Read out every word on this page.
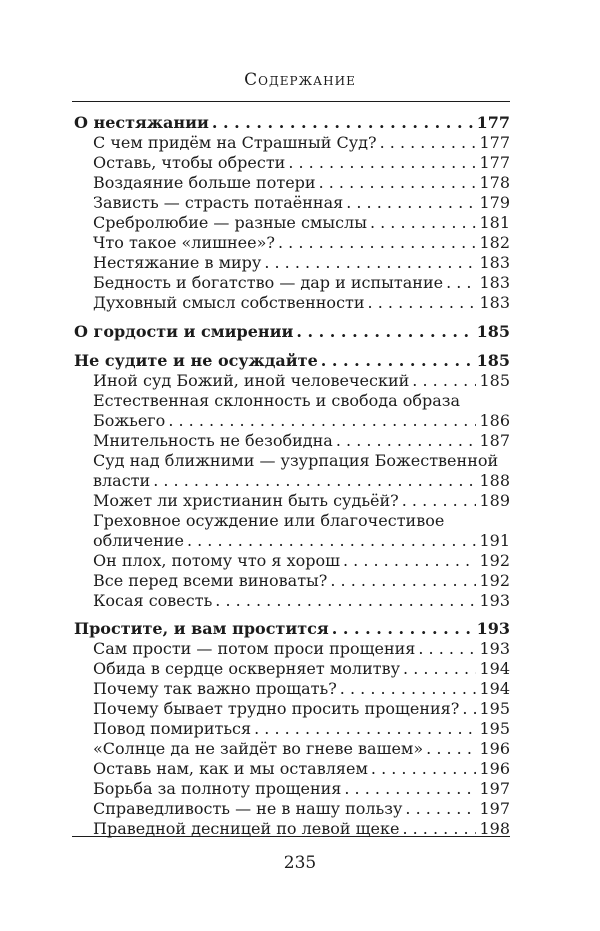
Содержание
О нестяжании . . .	177
С чем придём на Страшный Суд? . . .	177
Оставь, чтобы обрести . . .	177
Воздаяние больше потери . . .	178
Зависть — страсть потаённая . . .	179
Сребролюбие — разные смыслы . . .	181
Что такое «лишнее»? . . .	182
Нестяжание в миру . . .	183
Бедность и богатство — дар и испытание . . . 183
Духовный смысл собственности . . .	183
О гордости и смирении . . .	185
Не судите и не осуждайте . . .	185
Иной суд Божий, иной человеческий . . .	185
Естественная склонность и свобода образа
Божьего . . .	186
Мнительность не безобидна . . .	187
Суд над ближними — узурпация Божественной
власти . . .	188
Может ли христианин быть судьёй? . . .	189
Греховное осуждение или благочестивое
обличение . . .	191
Он плох, потому что я хорош . . .	192
Все перед всеми виноваты? . . .	192
Косая совесть . . .	193
Простите, и вам простится . . .	193
Сам прости — потом проси прощения . . .	193
Обида в сердце оскверняет молитву . . .	194
Почему так важно прощать? . . .	194
Почему бывает трудно просить прощения? . . . 195
Повод помириться . . .	195
«Солнце да не зайдёт во гневе вашем» . . .	196
Оставь нам, как и мы оставляем . . .	196
Борьба за полноту прощения . . .	197
Справедливость — не в нашу пользу . . .	197
Праведной десницей по левой щеке . . .	198
235
